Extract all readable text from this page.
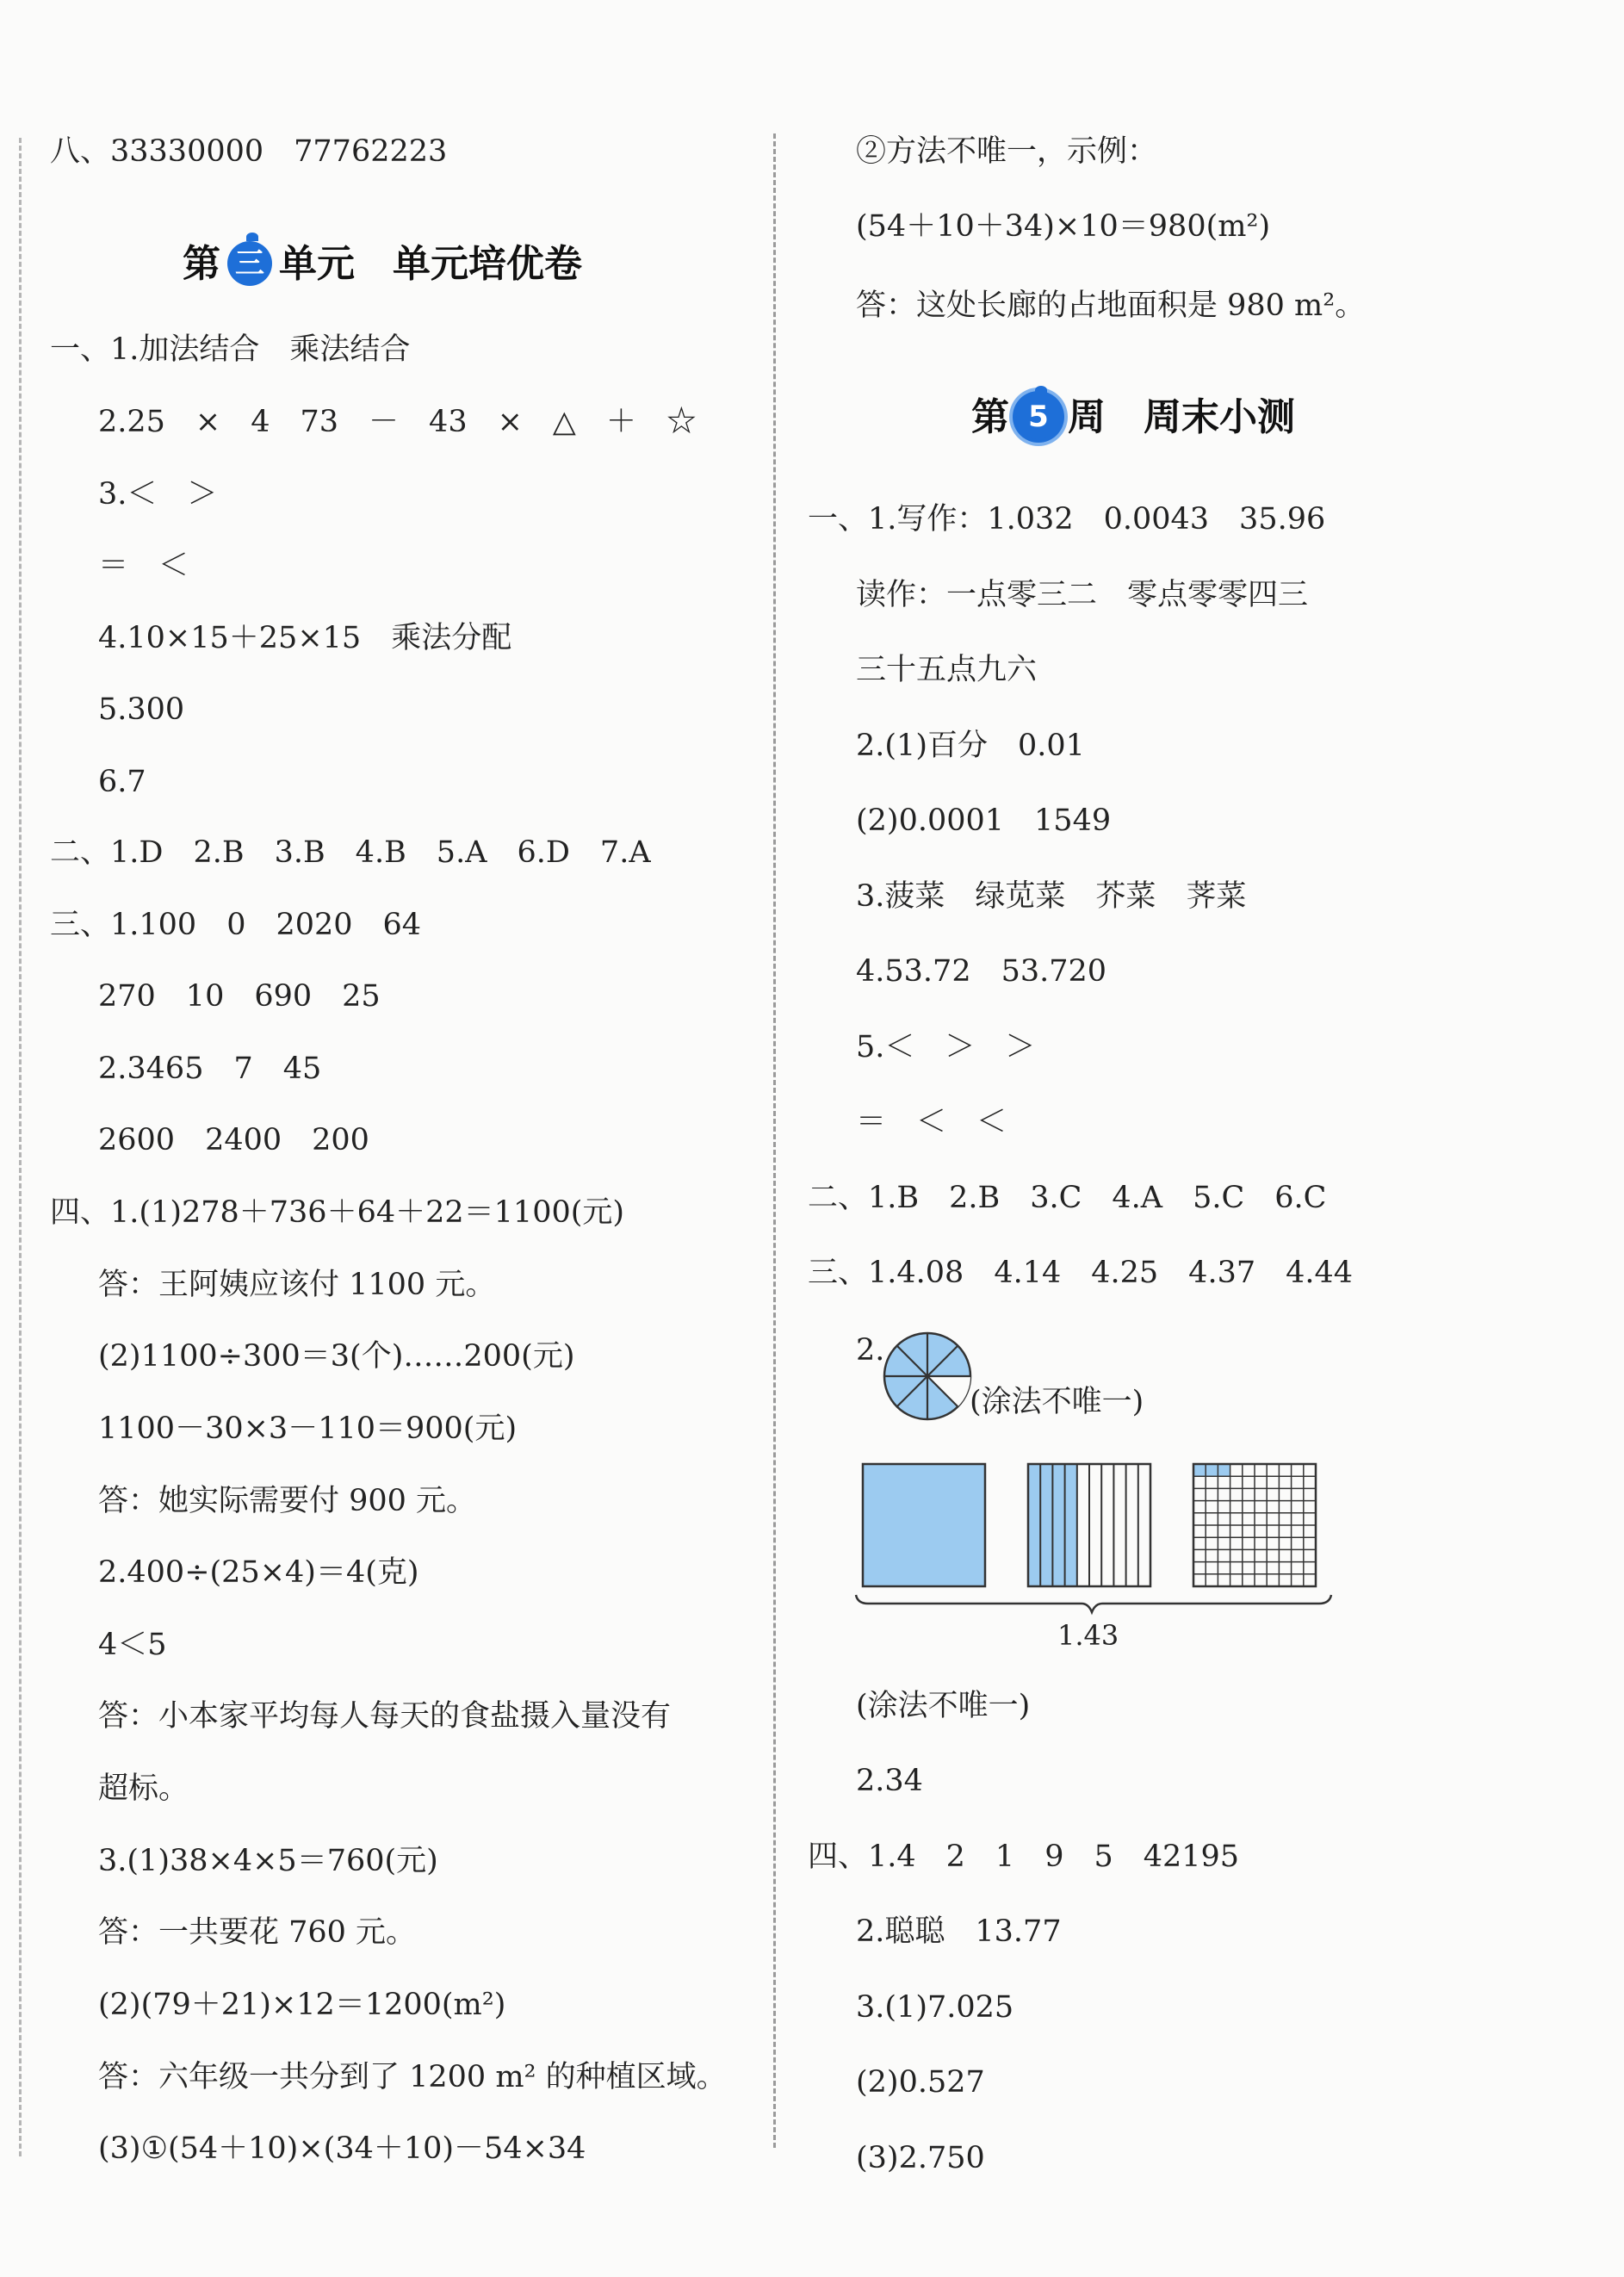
八、33330000　77762223
第 三 单元　单元培优卷
一、1.加法结合　乘法结合
2.25　×　4　73　－　43　×　△　＋　☆
3.＜　＞
＝　＜
4.10×15＋25×15　乘法分配
5.300
6.7
二、1.D　2.B　3.B　4.B　5.A　6.D　7.A
三、1.100　0　2020　64
270　10　690　25
2.3465　7　45
2600　2400　200
四、1.(1)278＋736＋64＋22＝1100(元)
答：王阿姨应该付 1100 元。
(2)1100÷300＝3(个)……200(元)
1100－30×3－110＝900(元)
答：她实际需要付 900 元。
2.400÷(25×4)＝4(克)
4＜5
答：小本家平均每人每天的食盐摄入量没有
超标。
3.(1)38×4×5＝760(元)
答：一共要花 760 元。
(2)(79＋21)×12＝1200(m²)
答：六年级一共分到了 1200 m² 的种植区域。
(3)①(54＋10)×(34＋10)－54×34
②方法不唯一，示例：
(54＋10＋34)×10＝980(m²)
答：这处长廊的占地面积是 980 m²。
第 5 周　周末小测
一、1.写作：1.032　0.0043　35.96
读作：一点零三二　零点零零四三
三十五点九六
2.(1)百分　0.01
(2)0.0001　1549
3.菠菜　绿苋菜　芥菜　荠菜
4.53.72　53.720
5.＜　＞　＞
＝　＜　＜
二、1.B　2.B　3.C　4.A　5.C　6.C
三、1.4.08　4.14　4.25　4.37　4.44
2.
(涂法不唯一)
1.43
(涂法不唯一)
2.34
四、1.4　2　1　9　5　42195
2.聪聪　13.77
3.(1)7.025
(2)0.527
(3)2.750
